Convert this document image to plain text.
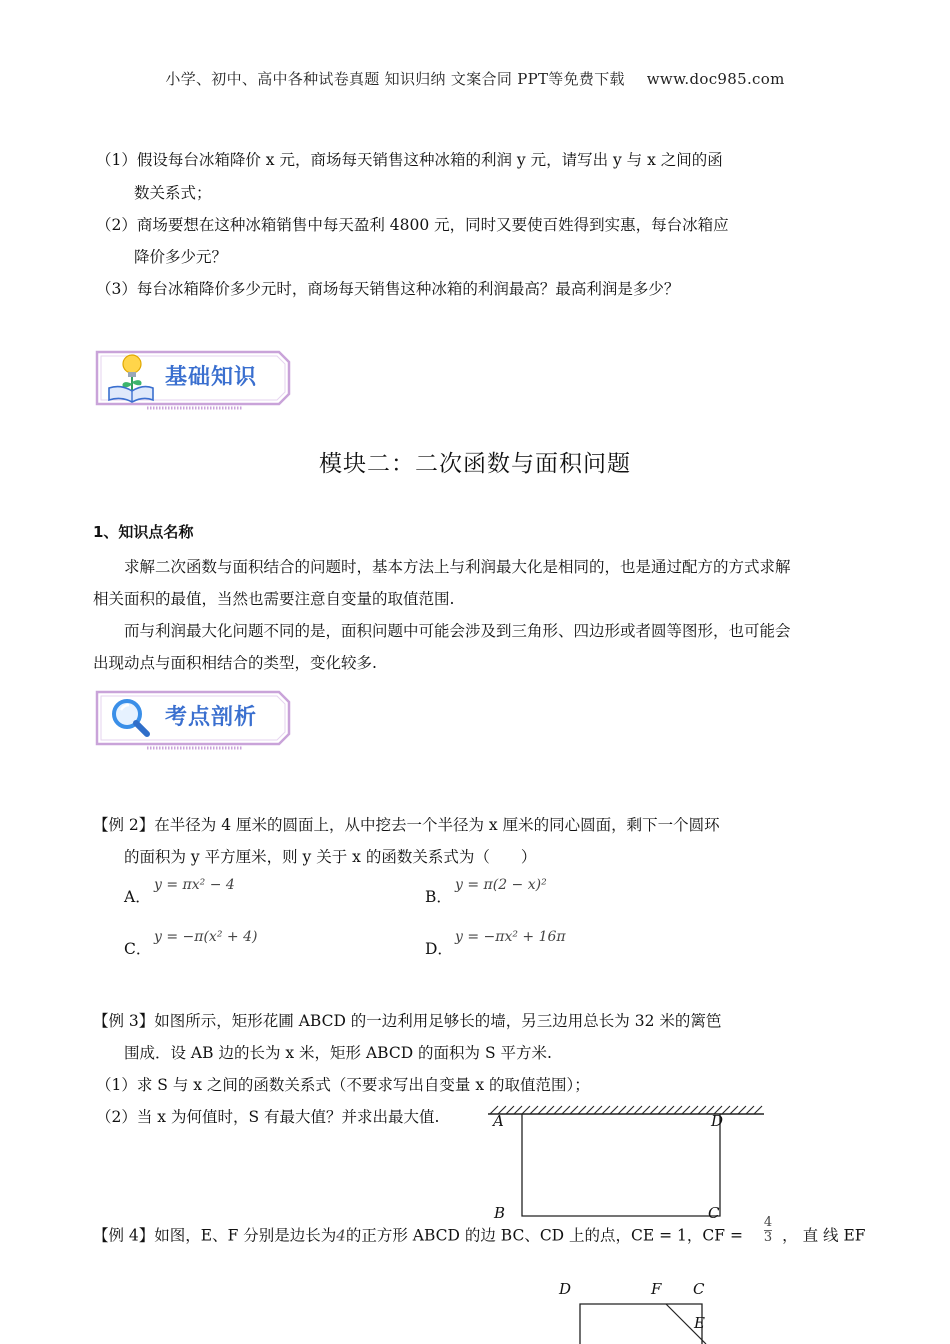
小学、初中、高中各种试卷真题 知识归纳 文案合同 PPT等免费下载 www.doc985.com
（1）假设每台冰箱降价 x 元，商场每天销售这种冰箱的利润 y 元，请写出 y 与 x 之间的函
数关系式；
（2）商场要想在这种冰箱销售中每天盈利 4800 元，同时又要使百姓得到实惠，每台冰箱应
降价多少元？
（3）每台冰箱降价多少元时，商场每天销售这种冰箱的利润最高？最高利润是多少？
基础知识
模块二：二次函数与面积问题
1、知识点名称
求解二次函数与面积结合的问题时，基本方法上与利润最大化是相同的，也是通过配方的方式求解
相关面积的最值，当然也需要注意自变量的取值范围.
而与利润最大化问题不同的是，面积问题中可能会涉及到三角形、四边形或者圆等图形，也可能会
出现动点与面积相结合的类型，变化较多.
考点剖析
【例 2】在半径为 4 厘米的圆面上，从中挖去一个半径为 x 厘米的同心圆面，剩下一个圆环
的面积为 y 平方厘米，则 y 关于 x 的函数关系式为（　　）
A．
y = πx² − 4
B．
y = π(2 − x)²
C．
y = −π(x² + 4)
D．
y = −πx² + 16π
【例 3】如图所示，矩形花圃 ABCD 的一边利用足够长的墙，另三边用总长为 32 米的篱笆
围成．设 AB 边的长为 x 米，矩形 ABCD 的面积为 S 平方米.
（1）求 S 与 x 之间的函数关系式（不要求写出自变量 x 的取值范围）；
（2）当 x 为何值时，S 有最大值？并求出最大值.	A	D
B	C
【例 4】如图，E、F 分别是边长为4的正方形 ABCD 的边 BC、CD 上的点，CE = 1，CF = $\frac{4}{3}$ ， 直 线 EF
D	F C
E
